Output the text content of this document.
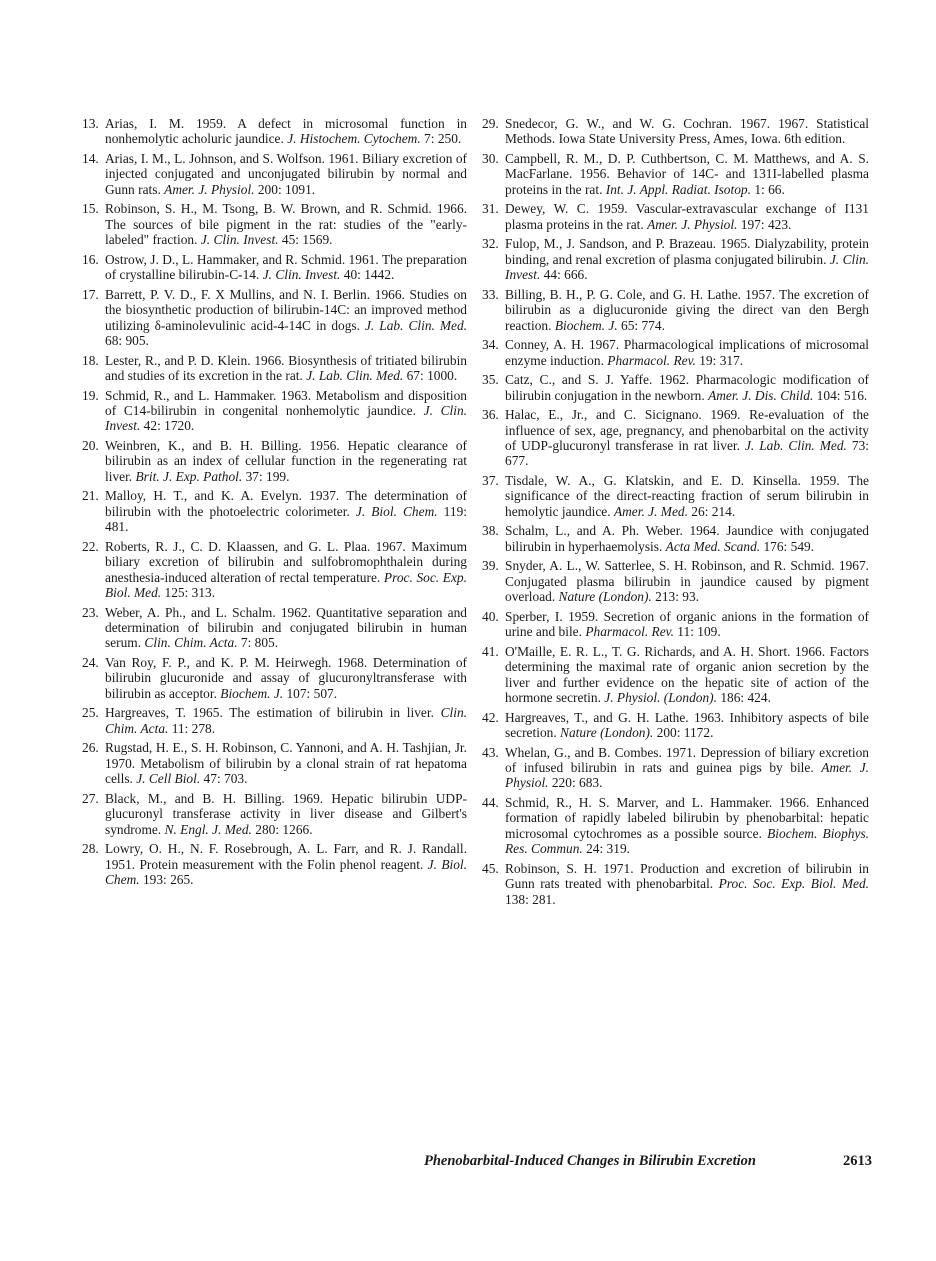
13. Arias, I. M. 1959. A defect in microsomal function in nonhemolytic acholuric jaundice. J. Histochem. Cytochem. 7: 250.
14. Arias, I. M., L. Johnson, and S. Wolfson. 1961. Biliary excretion of injected conjugated and unconjugated bilirubin by normal and Gunn rats. Amer. J. Physiol. 200: 1091.
15. Robinson, S. H., M. Tsong, B. W. Brown, and R. Schmid. 1966. The sources of bile pigment in the rat: studies of the "early-labeled" fraction. J. Clin. Invest. 45: 1569.
16. Ostrow, J. D., L. Hammaker, and R. Schmid. 1961. The preparation of crystalline bilirubin-C-14. J. Clin. Invest. 40: 1442.
17. Barrett, P. V. D., F. X Mullins, and N. I. Berlin. 1966. Studies on the biosynthetic production of bilirubin-14C: an improved method utilizing δ-aminolevulinic acid-4-14C in dogs. J. Lab. Clin. Med. 68: 905.
18. Lester, R., and P. D. Klein. 1966. Biosynthesis of tritiated bilirubin and studies of its excretion in the rat. J. Lab. Clin. Med. 67: 1000.
19. Schmid, R., and L. Hammaker. 1963. Metabolism and disposition of C14-bilirubin in congenital nonhemolytic jaundice. J. Clin. Invest. 42: 1720.
20. Weinbren, K., and B. H. Billing. 1956. Hepatic clearance of bilirubin as an index of cellular function in the regenerating rat liver. Brit. J. Exp. Pathol. 37: 199.
21. Malloy, H. T., and K. A. Evelyn. 1937. The determination of bilirubin with the photoelectric colorimeter. J. Biol. Chem. 119: 481.
22. Roberts, R. J., C. D. Klaassen, and G. L. Plaa. 1967. Maximum biliary excretion of bilirubin and sulfobromophthalein during anesthesia-induced alteration of rectal temperature. Proc. Soc. Exp. Biol. Med. 125: 313.
23. Weber, A. Ph., and L. Schalm. 1962. Quantitative separation and determination of bilirubin and conjugated bilirubin in human serum. Clin. Chim. Acta. 7: 805.
24. Van Roy, F. P., and K. P. M. Heirwegh. 1968. Determination of bilirubin glucuronide and assay of glucuronyltransferase with bilirubin as acceptor. Biochem. J. 107: 507.
25. Hargreaves, T. 1965. The estimation of bilirubin in liver. Clin. Chim. Acta. 11: 278.
26. Rugstad, H. E., S. H. Robinson, C. Yannoni, and A. H. Tashjian, Jr. 1970. Metabolism of bilirubin by a clonal strain of rat hepatoma cells. J. Cell Biol. 47: 703.
27. Black, M., and B. H. Billing. 1969. Hepatic bilirubin UDP-glucuronyl transferase activity in liver disease and Gilbert's syndrome. N. Engl. J. Med. 280: 1266.
28. Lowry, O. H., N. F. Rosebrough, A. L. Farr, and R. J. Randall. 1951. Protein measurement with the Folin phenol reagent. J. Biol. Chem. 193: 265.
29. Snedecor, G. W., and W. G. Cochran. 1967. 1967. Statistical Methods. Iowa State University Press, Ames, Iowa. 6th edition.
30. Campbell, R. M., D. P. Cuthbertson, C. M. Matthews, and A. S. MacFarlane. 1956. Behavior of 14C- and 131I-labelled plasma proteins in the rat. Int. J. Appl. Radiat. Isotop. 1: 66.
31. Dewey, W. C. 1959. Vascular-extravascular exchange of I131 plasma proteins in the rat. Amer. J. Physiol. 197: 423.
32. Fulop, M., J. Sandson, and P. Brazeau. 1965. Dialyzability, protein binding, and renal excretion of plasma conjugated bilirubin. J. Clin. Invest. 44: 666.
33. Billing, B. H., P. G. Cole, and G. H. Lathe. 1957. The excretion of bilirubin as a diglucuronide giving the direct van den Bergh reaction. Biochem. J. 65: 774.
34. Conney, A. H. 1967. Pharmacological implications of microsomal enzyme induction. Pharmacol. Rev. 19: 317.
35. Catz, C., and S. J. Yaffe. 1962. Pharmacologic modification of bilirubin conjugation in the newborn. Amer. J. Dis. Child. 104: 516.
36. Halac, E., Jr., and C. Sicignano. 1969. Re-evaluation of the influence of sex, age, pregnancy, and phenobarbital on the activity of UDP-glucuronyl transferase in rat liver. J. Lab. Clin. Med. 73: 677.
37. Tisdale, W. A., G. Klatskin, and E. D. Kinsella. 1959. The significance of the direct-reacting fraction of serum bilirubin in hemolytic jaundice. Amer. J. Med. 26: 214.
38. Schalm, L., and A. Ph. Weber. 1964. Jaundice with conjugated bilirubin in hyperhaemolysis. Acta Med. Scand. 176: 549.
39. Snyder, A. L., W. Satterlee, S. H. Robinson, and R. Schmid. 1967. Conjugated plasma bilirubin in jaundice caused by pigment overload. Nature (London). 213: 93.
40. Sperber, I. 1959. Secretion of organic anions in the formation of urine and bile. Pharmacol. Rev. 11: 109.
41. O'Maille, E. R. L., T. G. Richards, and A. H. Short. 1966. Factors determining the maximal rate of organic anion secretion by the liver and further evidence on the hepatic site of action of the hormone secretin. J. Physiol. (London). 186: 424.
42. Hargreaves, T., and G. H. Lathe. 1963. Inhibitory aspects of bile secretion. Nature (London). 200: 1172.
43. Whelan, G., and B. Combes. 1971. Depression of biliary excretion of infused bilirubin in rats and guinea pigs by bile. Amer. J. Physiol. 220: 683.
44. Schmid, R., H. S. Marver, and L. Hammaker. 1966. Enhanced formation of rapidly labeled bilirubin by phenobarbital: hepatic microsomal cytochromes as a possible source. Biochem. Biophys. Res. Commun. 24: 319.
45. Robinson, S. H. 1971. Production and excretion of bilirubin in Gunn rats treated with phenobarbital. Proc. Soc. Exp. Biol. Med. 138: 281.
Phenobarbital-Induced Changes in Bilirubin Excretion	2613
